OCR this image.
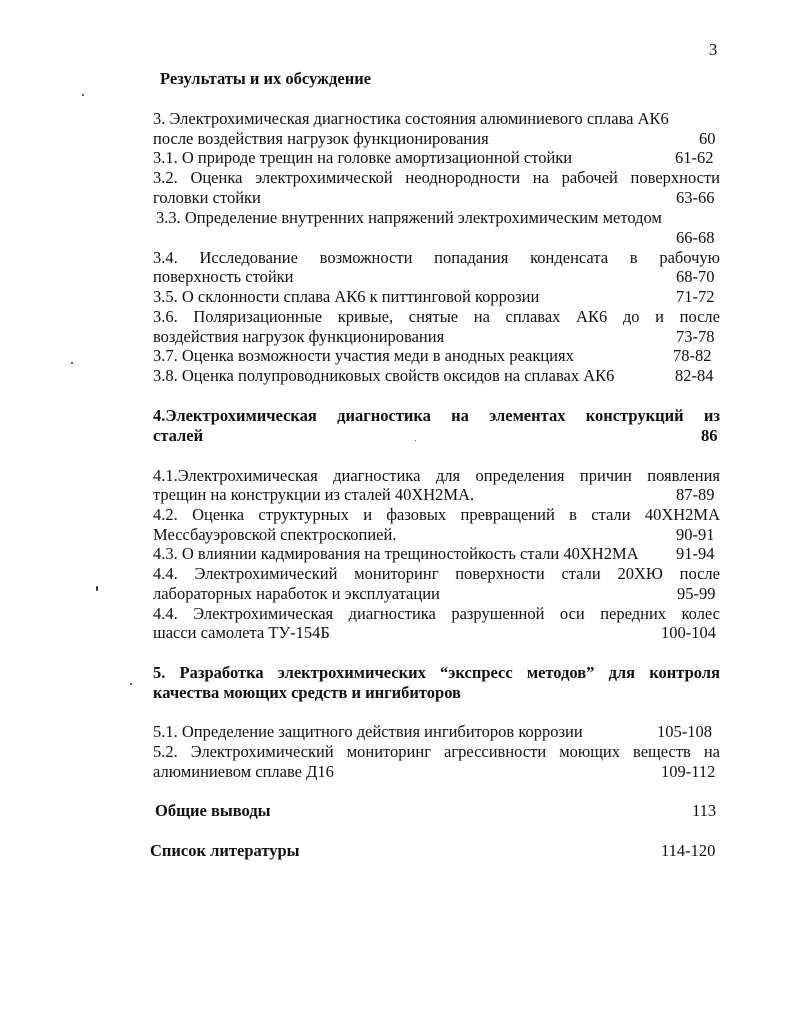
3
Результаты и их обсуждение
3. Электрохимическая диагностика состояния алюминиевого сплава АК6
после воздействия нагрузок функционирования	60
3.1. О природе трещин на головке амортизационной стойки	61-62
3.2. Оценка электрохимической неоднородности на рабочей поверхности
головки стойки	63-66
3.3. Определение внутренних напряжений электрохимическим методом
66-68
3.4. Исследование возможности попадания конденсата в рабочую
поверхность стойки	68-70
3.5. О склонности сплава АК6 к питтинговой коррозии	71-72
3.6. Поляризационные кривые, снятые на сплавах АК6 до и после
воздействия нагрузок функционирования	73-78
3.7. Оценка возможности участия меди в анодных реакциях	78-82
3.8. Оценка полупроводниковых свойств оксидов на сплавах АК6	82-84
4.Электрохимическая диагностика на элементах конструкций из
сталей	86
4.1.Электрохимическая диагностика для определения причин появления
трещин на конструкции из сталей 40ХН2МА.	87-89
4.2. Оценка структурных и фазовых превращений в стали 40ХН2МА
Мессбауэровской спектроскопией.	90-91
4.3. О влиянии кадмирования на трещиностойкость стали 40ХН2МА 91-94
4.4. Электрохимический мониторинг поверхности стали 20ХЮ после
лабораторных наработок и эксплуатации	95-99
4.4. Электрохимическая диагностика разрушенной оси передних колес
шасси самолета ТУ-154Б	100-104
5. Разработка электрохимических “экспресс методов” для контроля
качества моющих средств и ингибиторов
5.1. Определение защитного действия ингибиторов коррозии	105-108
5.2. Электрохимический мониторинг агрессивности моющих веществ на
алюминиевом сплаве Д16	109-112
Общие выводы	113
Список литературы	114-120
